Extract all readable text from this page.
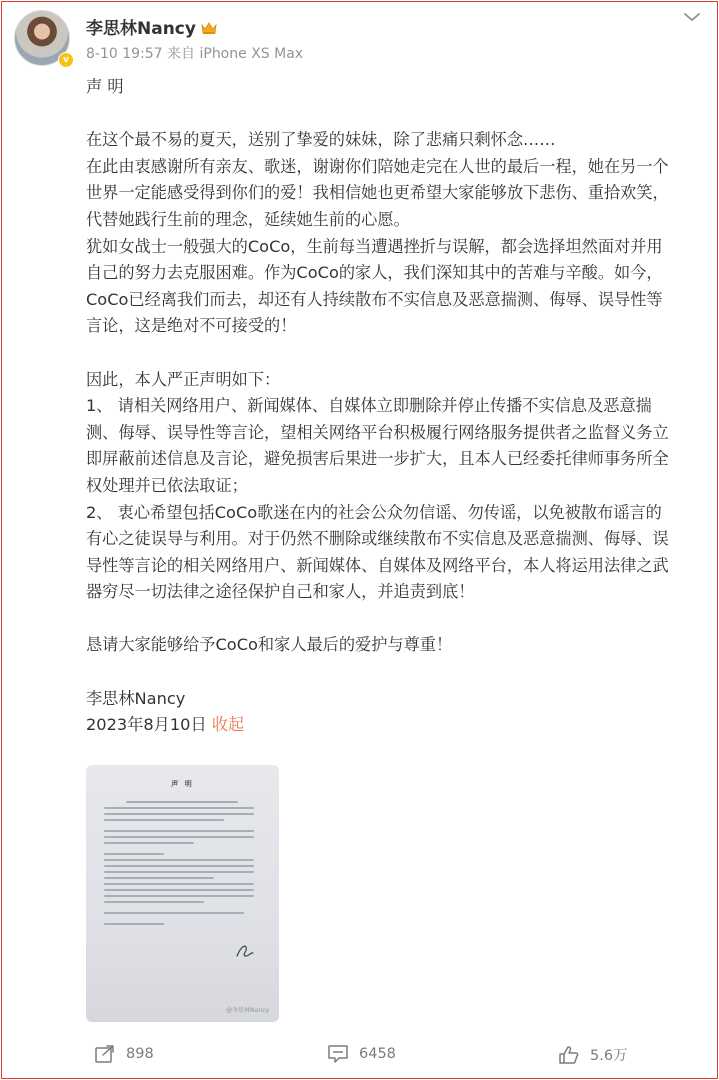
v
李思林Nancy
8-10 19:57 来自 iPhone XS Max

声 明

在这个最不易的夏天，送别了挚爱的妹妹，除了悲痛只剩怀念……

在此由衷感谢所有亲友、歌迷，谢谢你们陪她走完在人世的最后一程，她在另一个

世界一定能感受得到你们的爱！我相信她也更希望大家能够放下悲伤、重拾欢笑，

代替她践行生前的理念，延续她生前的心愿。

犹如女战士一般强大的CoCo，生前每当遭遇挫折与误解，都会选择坦然面对并用

自己的努力去克服困难。作为CoCo的家人，我们深知其中的苦难与辛酸。如今，

CoCo已经离我们而去，却还有人持续散布不实信息及恶意揣测、侮辱、误导性等

言论，这是绝对不可接受的！

因此，本人严正声明如下：

1、 请相关网络用户、新闻媒体、自媒体立即删除并停止传播不实信息及恶意揣

测、侮辱、误导性等言论，望相关网络平台积极履行网络服务提供者之监督义务立

即屏蔽前述信息及言论，避免损害后果进一步扩大，且本人已经委托律师事务所全

权处理并已依法取证；

2、 衷心希望包括CoCo歌迷在内的社会公众勿信谣、勿传谣，以免被散布谣言的

有心之徒误导与利用。对于仍然不删除或继续散布不实信息及恶意揣测、侮辱、误

导性等言论的相关网络用户、新闻媒体、自媒体及网络平台，本人将运用法律之武

器穷尽一切法律之途径保护自己和家人，并追责到底！

恳请大家能够给予CoCo和家人最后的爱护与尊重！

李思林Nancy

2023年8月10日 收起

声 明
@李思林Nancy
898	6458	5.6万
